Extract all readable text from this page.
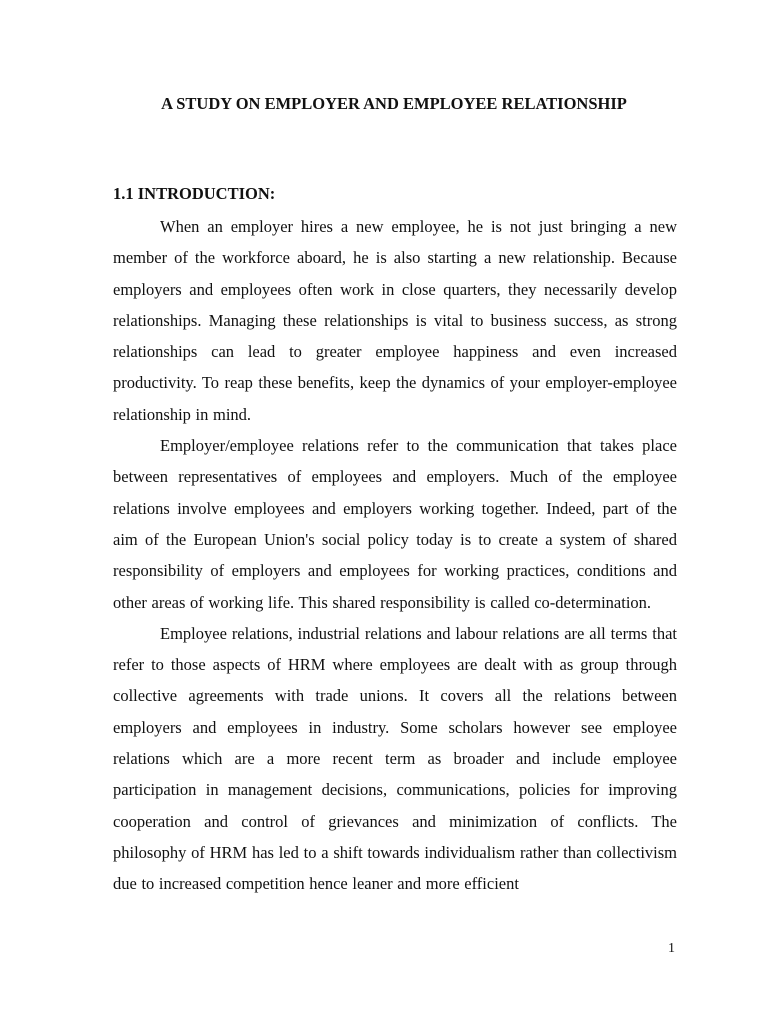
A STUDY ON EMPLOYER AND EMPLOYEE RELATIONSHIP
1.1 INTRODUCTION:

When an employer hires a new employee, he is not just bringing a new member of the workforce aboard, he is also starting a new relationship. Because employers and employees often work in close quarters, they necessarily develop relationships. Managing these relationships is vital to business success, as strong relationships can lead to greater employee happiness and even increased productivity. To reap these benefits, keep the dynamics of your employer-employee relationship in mind.

Employer/employee relations refer to the communication that takes place between representatives of employees and employers. Much of the employee relations involve employees and employers working together. Indeed, part of the aim of the European Union's social policy today is to create a system of shared responsibility of employers and employees for working practices, conditions and other areas of working life. This shared responsibility is called co-determination.

Employee relations, industrial relations and labour relations are all terms that refer to those aspects of HRM where employees are dealt with as group through collective agreements with trade unions. It covers all the relations between employers and employees in industry. Some scholars however see employee relations which are a more recent term as broader and include employee participation in management decisions, communications, policies for improving cooperation and control of grievances and minimization of conflicts. The philosophy of HRM has led to a shift towards individualism rather than collectivism due to increased competition hence leaner and more efficient

1
